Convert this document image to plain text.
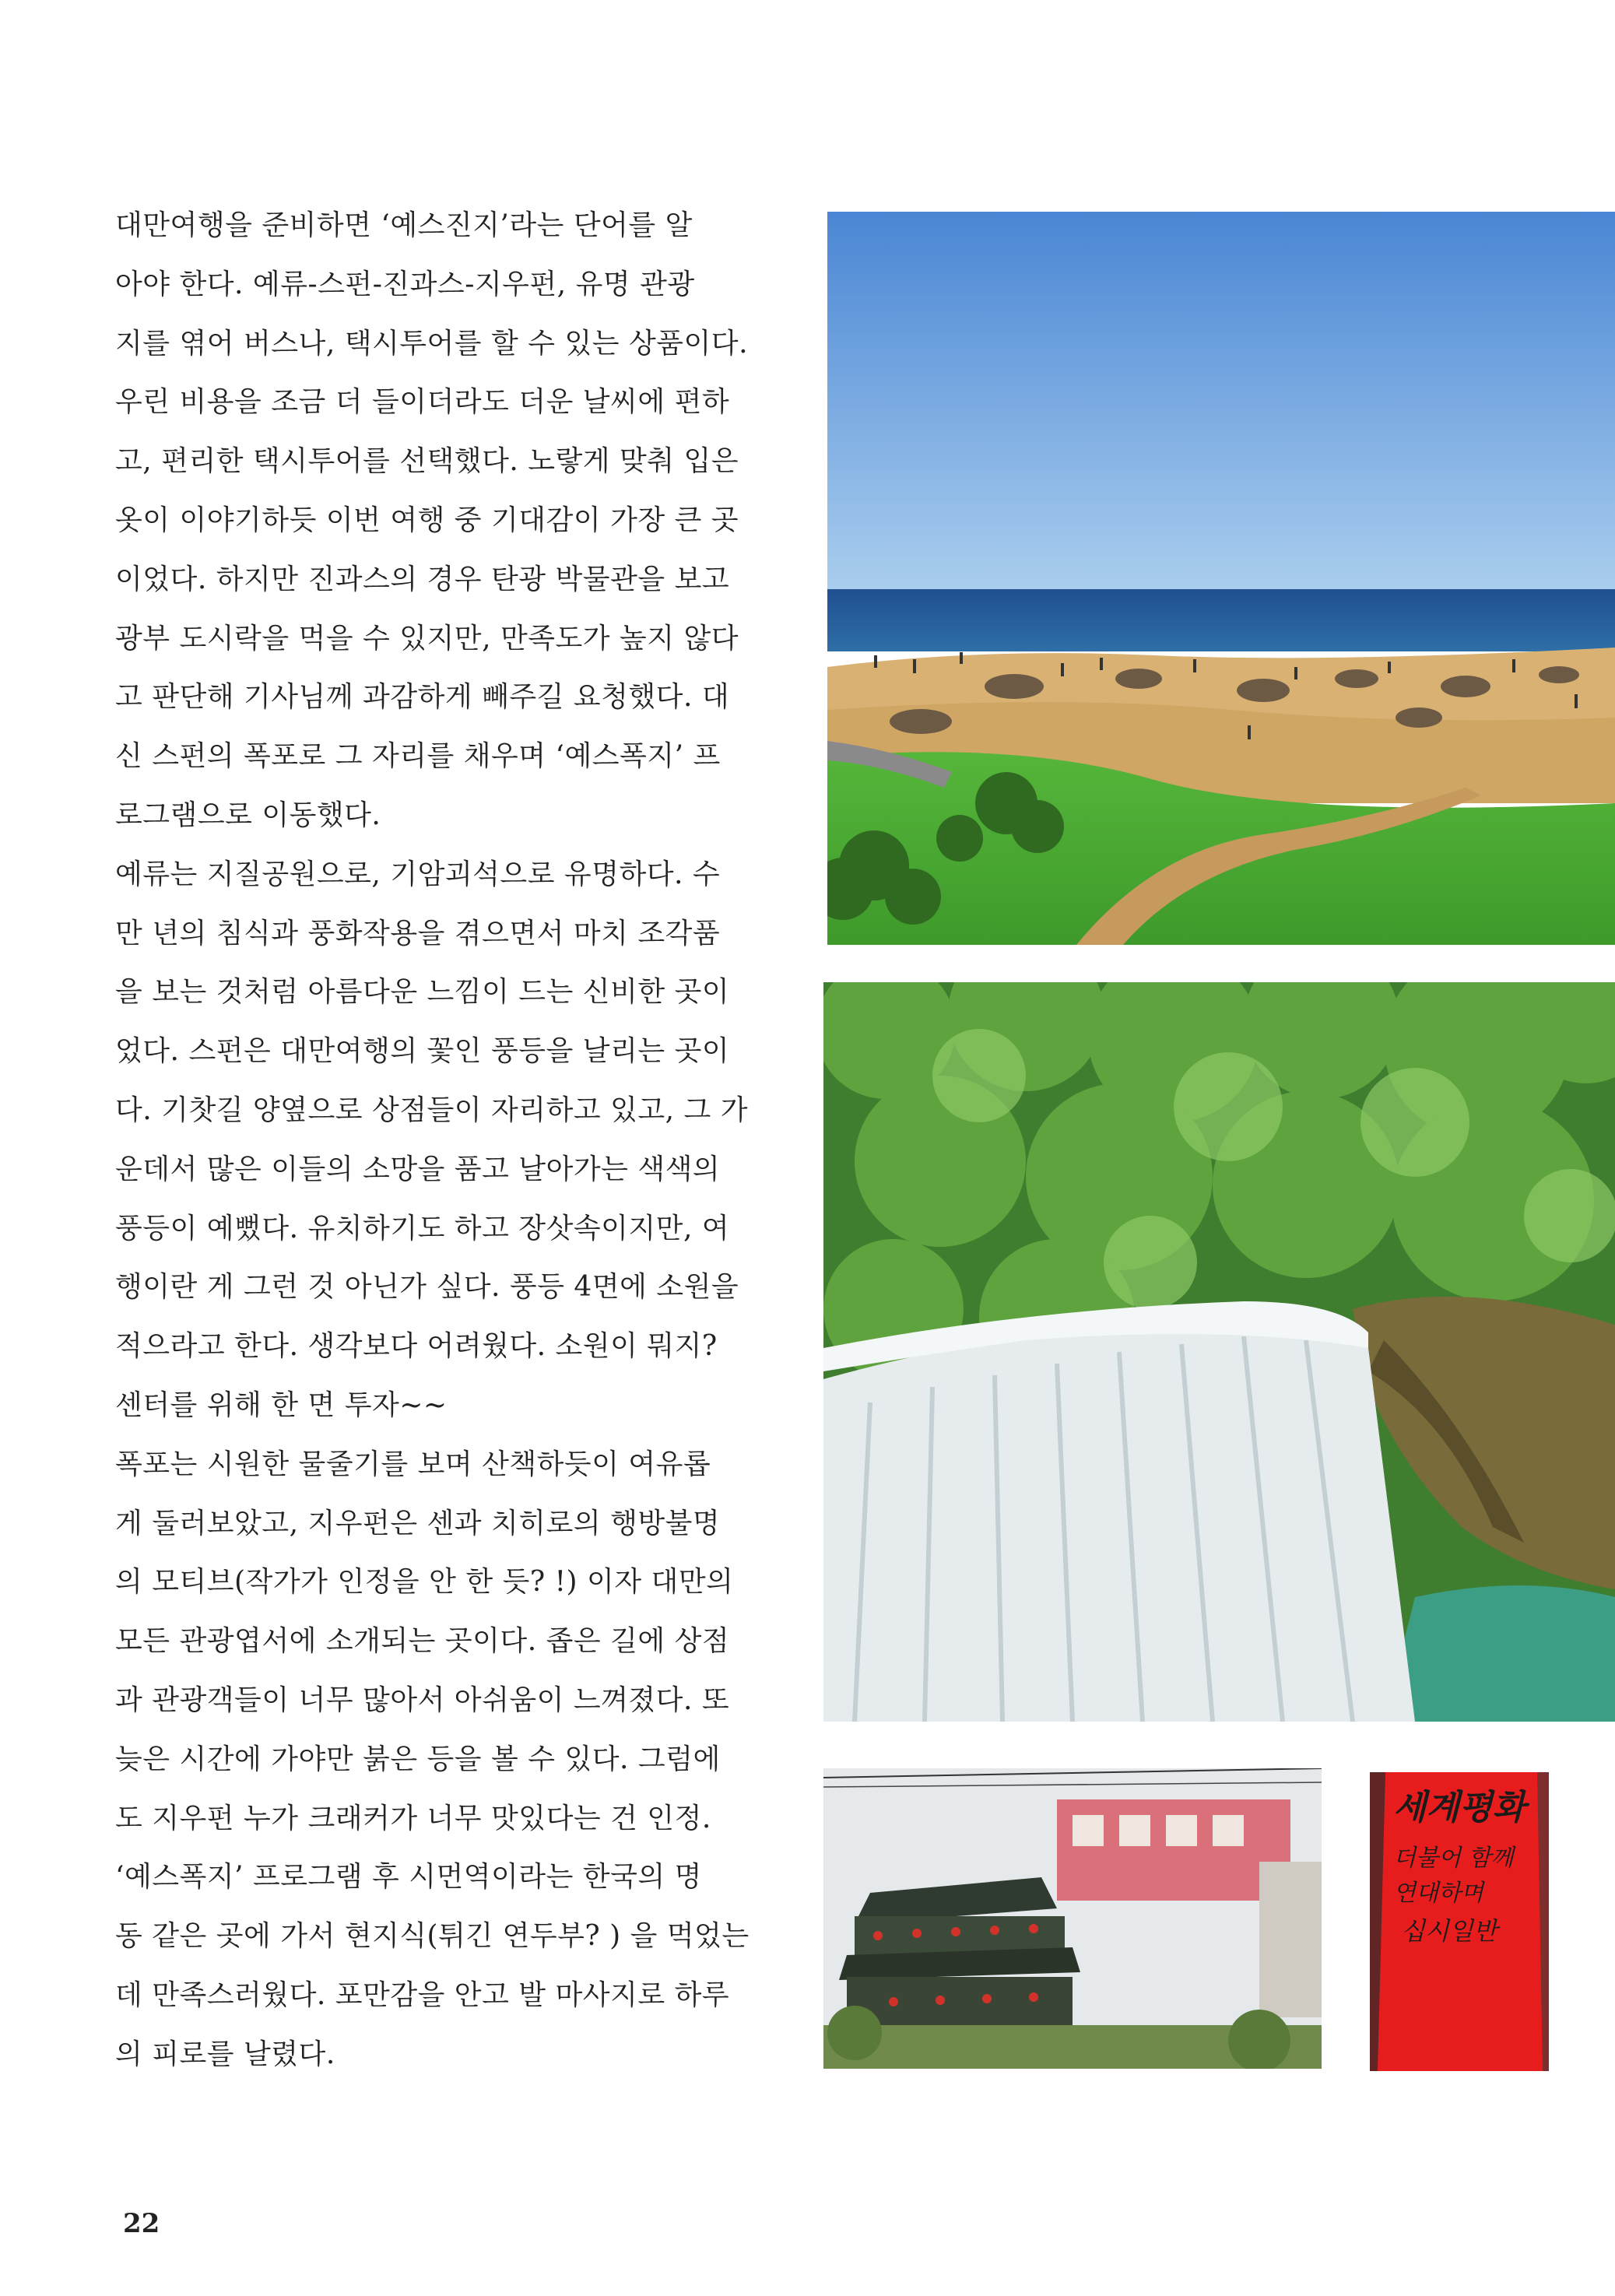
대만여행을 준비하면 ‘예스진지’라는 단어를 알
아야 한다. 예류-스펀-진과스-지우펀, 유명 관광
지를 엮어 버스나, 택시투어를 할 수 있는 상품이다.
우린 비용을 조금 더 들이더라도 더운 날씨에 편하
고, 편리한 택시투어를 선택했다. 노랗게 맞춰 입은
옷이 이야기하듯 이번 여행 중 기대감이 가장 큰 곳
이었다. 하지만 진과스의 경우 탄광 박물관을 보고
광부 도시락을 먹을 수 있지만, 만족도가 높지 않다
고 판단해 기사님께 과감하게 빼주길 요청했다. 대
신 스펀의 폭포로 그 자리를 채우며 ‘예스폭지’ 프
로그램으로 이동했다.
예류는 지질공원으로, 기암괴석으로 유명하다. 수
만 년의 침식과 풍화작용을 겪으면서 마치 조각품
을 보는 것처럼 아름다운 느낌이 드는 신비한 곳이
었다. 스펀은 대만여행의 꽃인 풍등을 날리는 곳이
다. 기찻길 양옆으로 상점들이 자리하고 있고, 그 가
운데서 많은 이들의 소망을 품고 날아가는 색색의
풍등이 예뻤다. 유치하기도 하고 장삿속이지만, 여
행이란 게 그런 것 아닌가 싶다. 풍등 4면에 소원을
적으라고 한다. 생각보다 어려웠다. 소원이 뭐지?
센터를 위해 한 면 투자~~
폭포는 시원한 물줄기를 보며 산책하듯이 여유롭
게 둘러보았고, 지우펀은 센과 치히로의 행방불명
의 모티브(작가가 인정을 안 한 듯? !) 이자 대만의
모든 관광엽서에 소개되는 곳이다. 좁은 길에 상점
과 관광객들이 너무 많아서 아쉬움이 느껴졌다. 또
늦은 시간에 가야만 붉은 등을 볼 수 있다. 그럼에
도 지우펀 누가 크래커가 너무 맛있다는 건 인정.
‘예스폭지’ 프로그램 후 시먼역이라는 한국의 명
동 같은 곳에 가서 현지식(튀긴 연두부? ) 을 먹었는
데 만족스러웠다. 포만감을 안고 발 마사지로 하루
의 피로를 날렸다.
세계평화
더불어 함께
연대하며
십시일반
22
